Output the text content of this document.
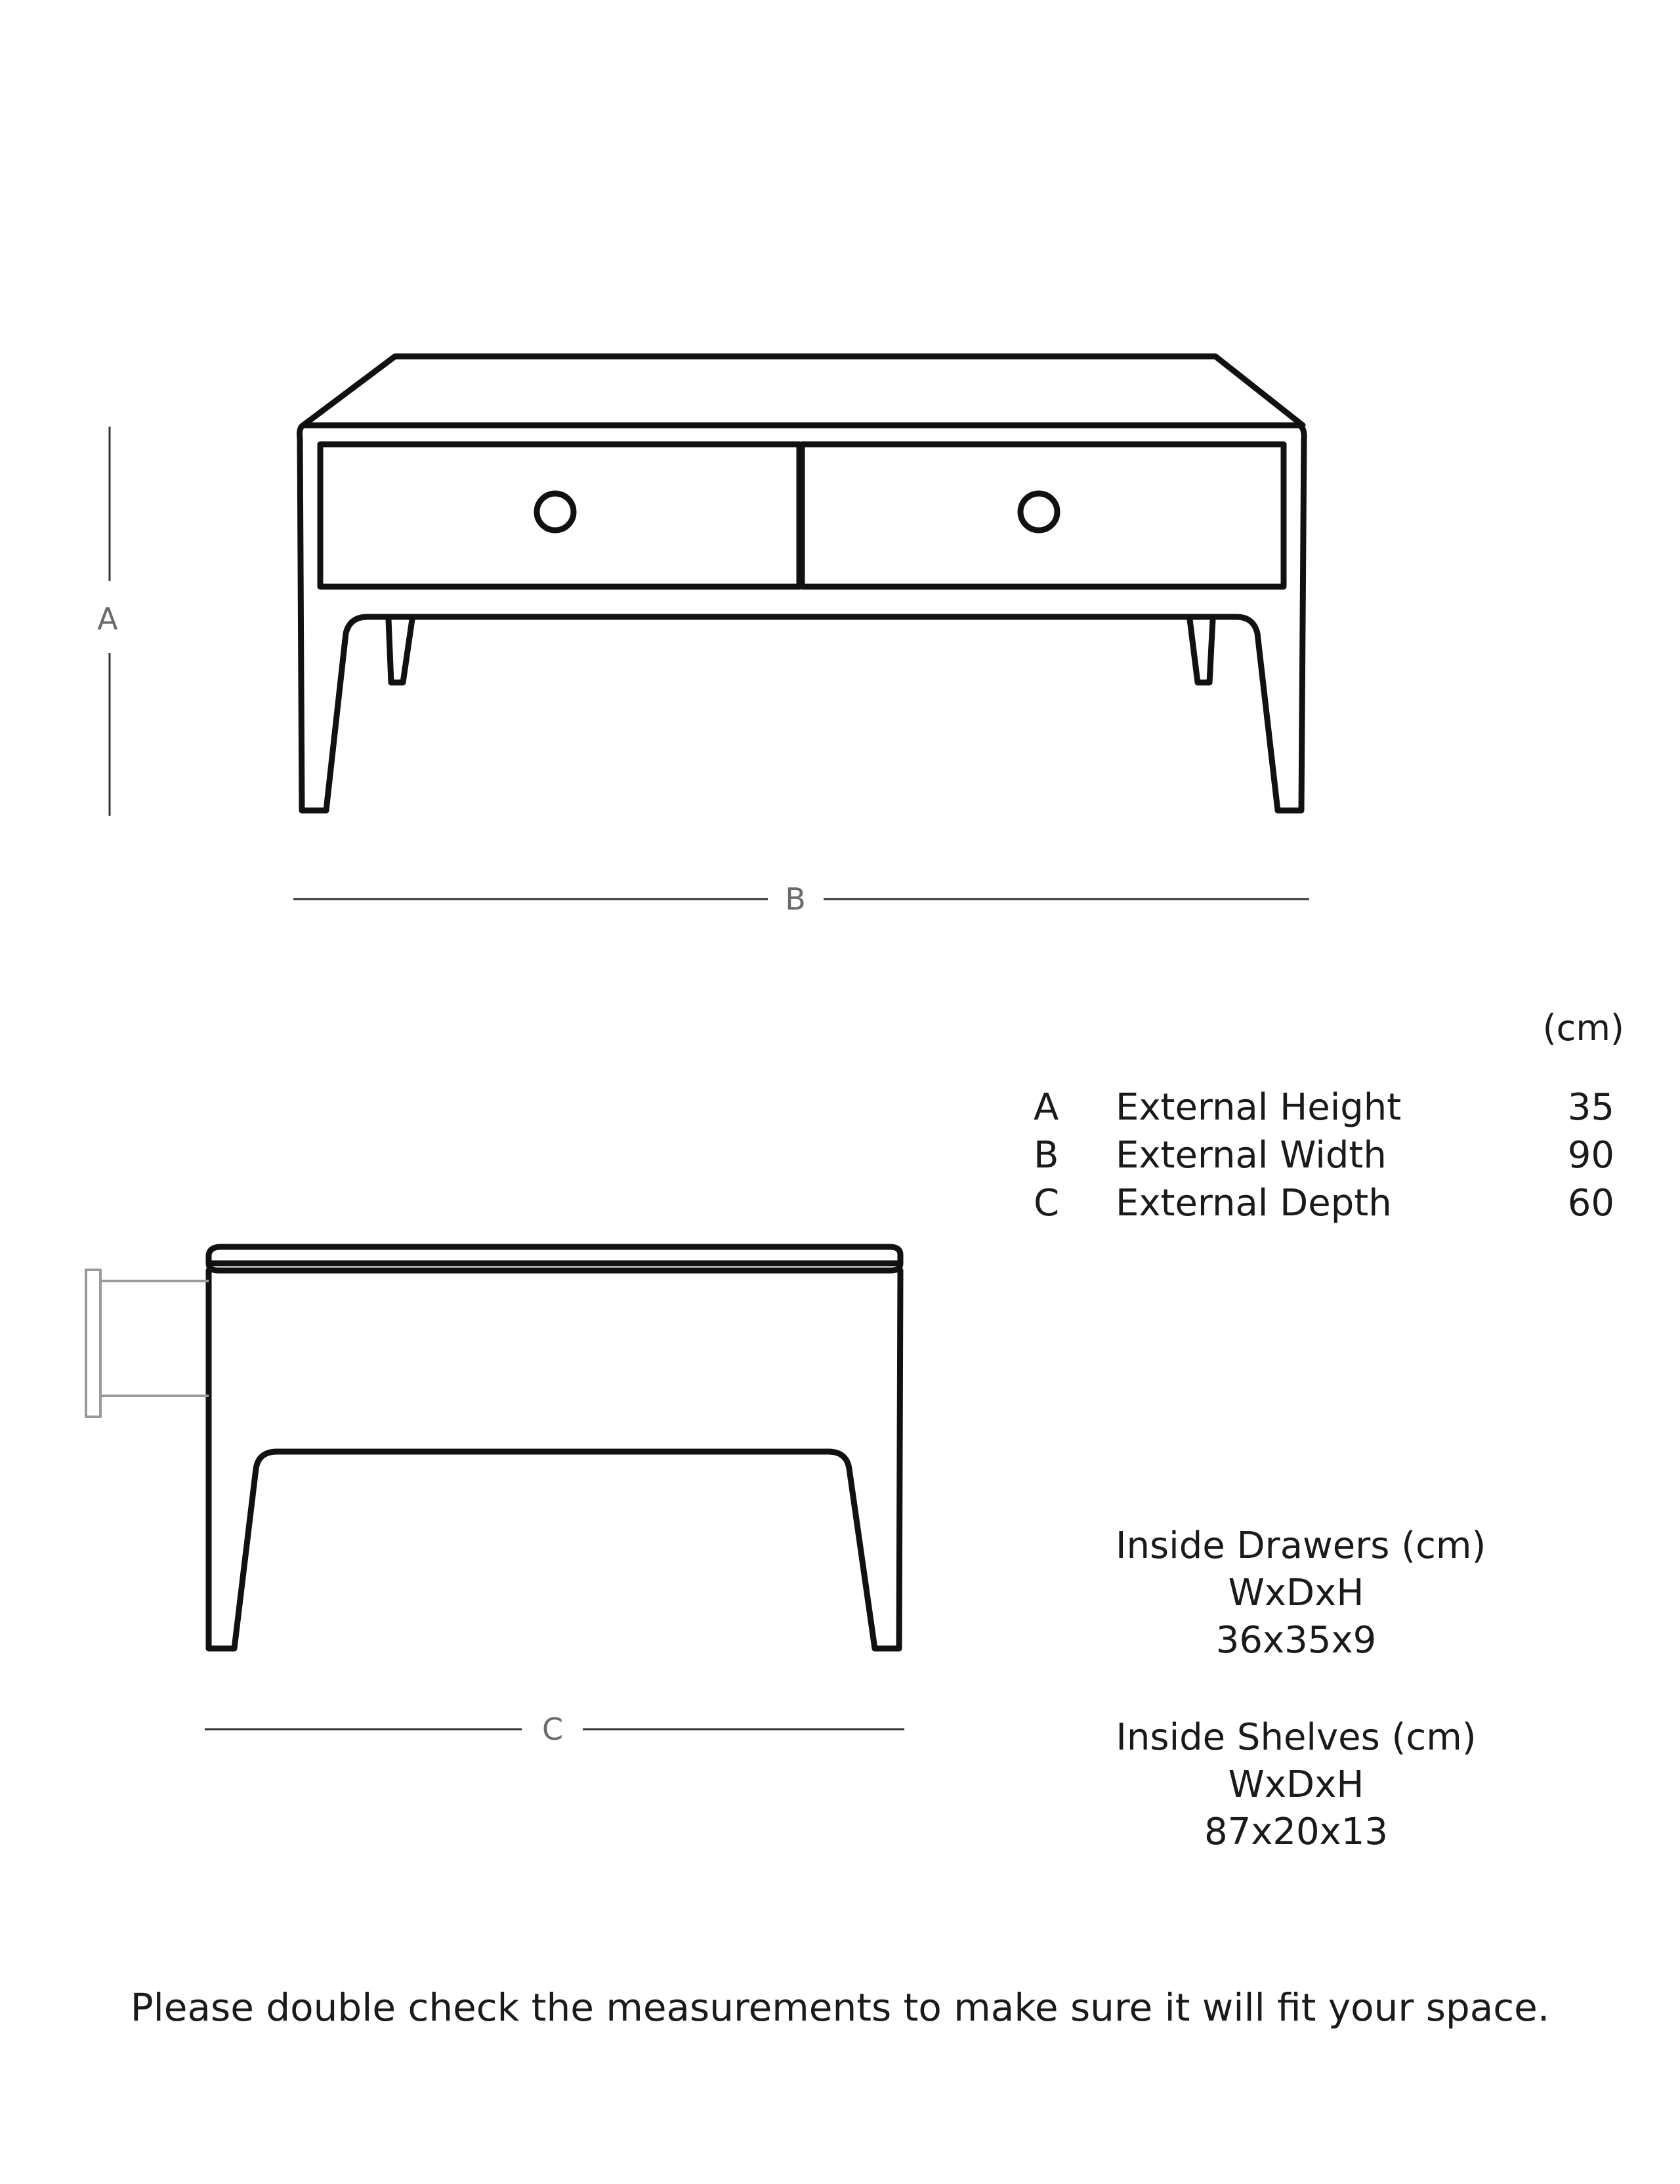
A
B
C
(cm)
A External Height	35
B External Width	90
C External Depth	60
Inside Drawers (cm)
WxDxH
36x35x9
Inside Shelves (cm)
WxDxH
87x20x13
Please double check the measurements to make sure it will fit your space.
